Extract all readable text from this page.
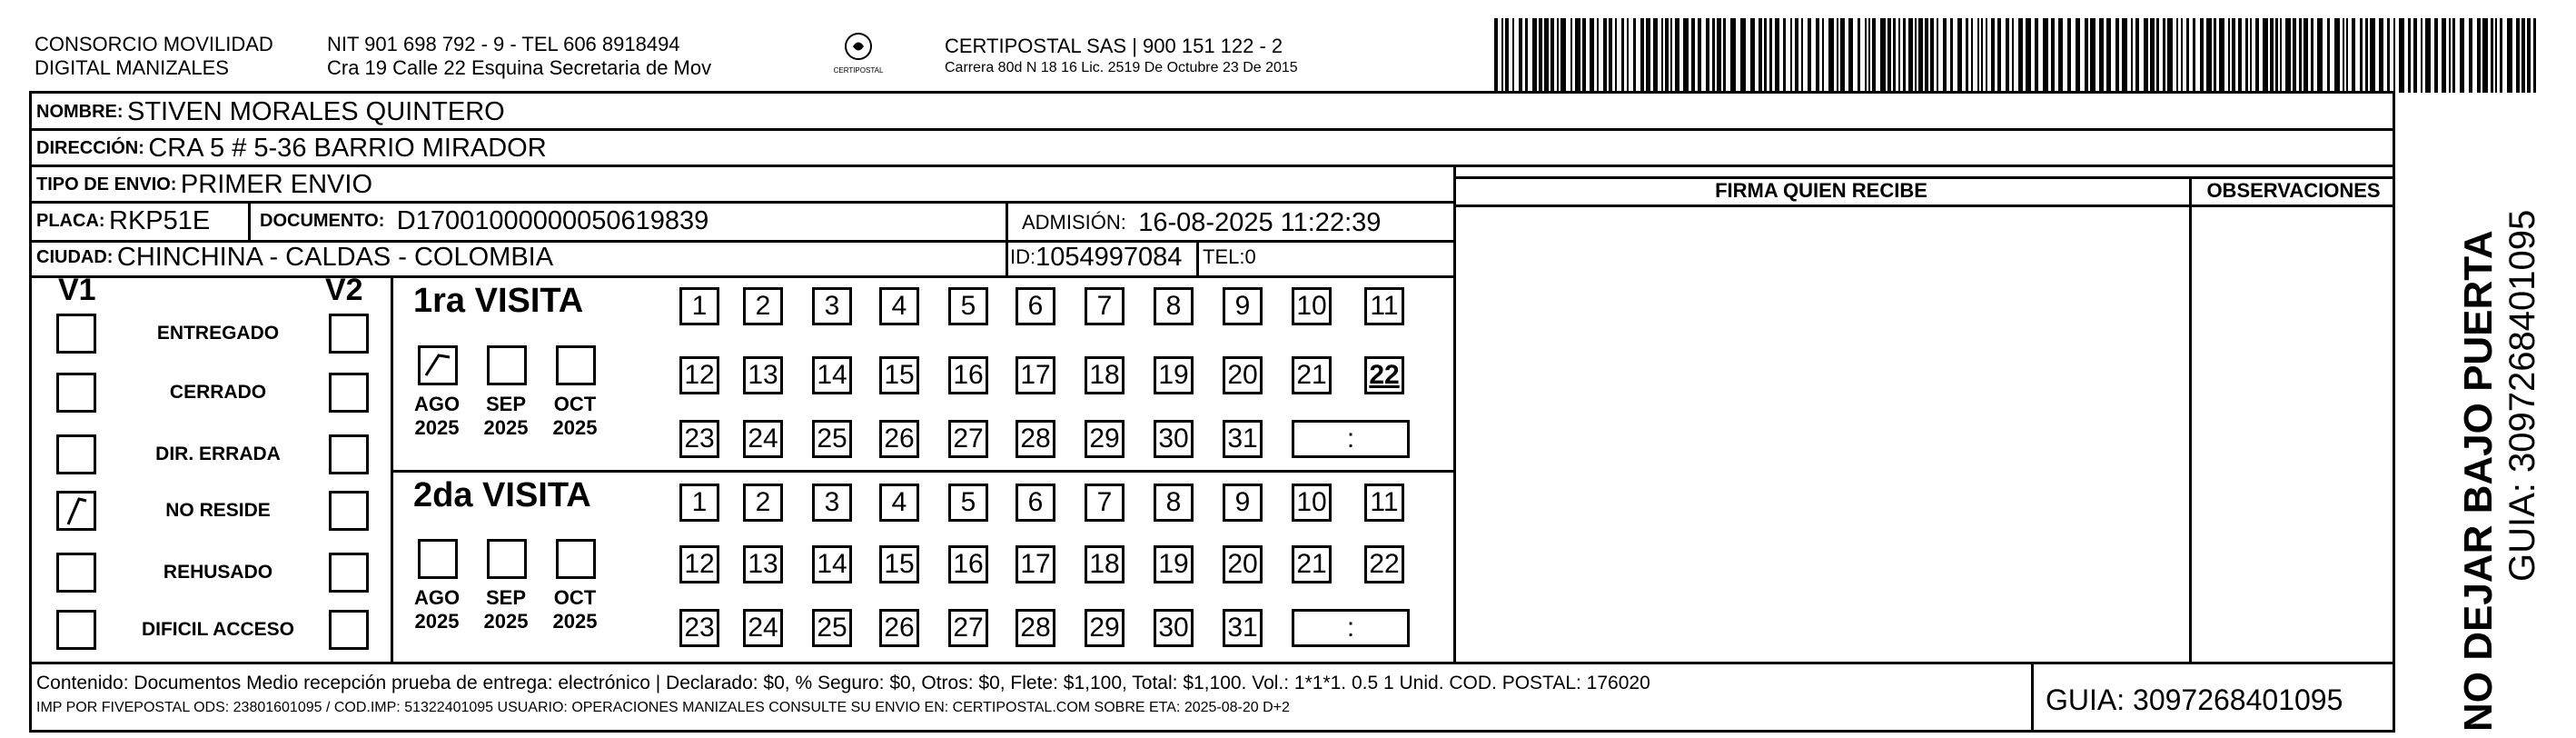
CONSORCIO MOVILIDAD
DIGITAL MANIZALES
NIT 901 698 792 - 9 - TEL 606 8918494
Cra 19 Calle 22 Esquina Secretaria de Mov	CERTIPOSTAL
CERTIPOSTAL SAS | 900 151 122 - 2
Carrera 80d N 18 16 Lic. 2519 De Octubre 23 De 2015
NOMBRE:
STIVEN MORALES QUINTERO
DIRECCIÓN:
CRA 5 # 5-36 BARRIO MIRADOR
TIPO DE ENVIO:
PRIMER ENVIO
PLACA:
RKP51E	DOCUMENTO:
D17001000000050619839	ADMISIÓN:
16-08-2025 11:22:39
CIUDAD:
CHINCHINA - CALDAS - COLOMBIA	ID: 1054997084 TEL: 0
FIRMA QUIEN RECIBE	OBSERVACIONES
V1	V2
ENTREGADO
CERRADO
DIR. ERRADA
NO RESIDE
REHUSADO
DIFICIL ACCESO
1ra VISITA
2da VISITA
AGO
2025
SEP
2025
OCT
2025
AGO
2025
SEP
2025
OCT
2025
1	2	3	4	5	6	7	8	9	10 11
12 13 14 15 16 17 18 19 20 21 22
23 24 25 26 27 28 29 30 31	:
1	2	3	4	5	6	7	8	9	10 11
12 13 14 15 16 17 18 19 20 21 22
23 24 25 26 27 28 29 30 31	:
Contenido: Documentos Medio recepción prueba de entrega: electrónico | Declarado: $0, % Seguro: $0, Otros: $0, Flete: $1,100, Total: $1,100. Vol.: 1*1*1. 0.5 1 Unid. COD. POSTAL: 176020
IMP POR FIVEPOSTAL ODS: 23801601095 / COD.IMP: 51322401095 USUARIO: OPERACIONES MANIZALES CONSULTE SU ENVIO EN: CERTIPOSTAL.COM SOBRE ETA: 2025-08-20 D+2	GUIA: 3097268401095	NO DEJAR BAJO PUERTA GUIA: 3097268401095
